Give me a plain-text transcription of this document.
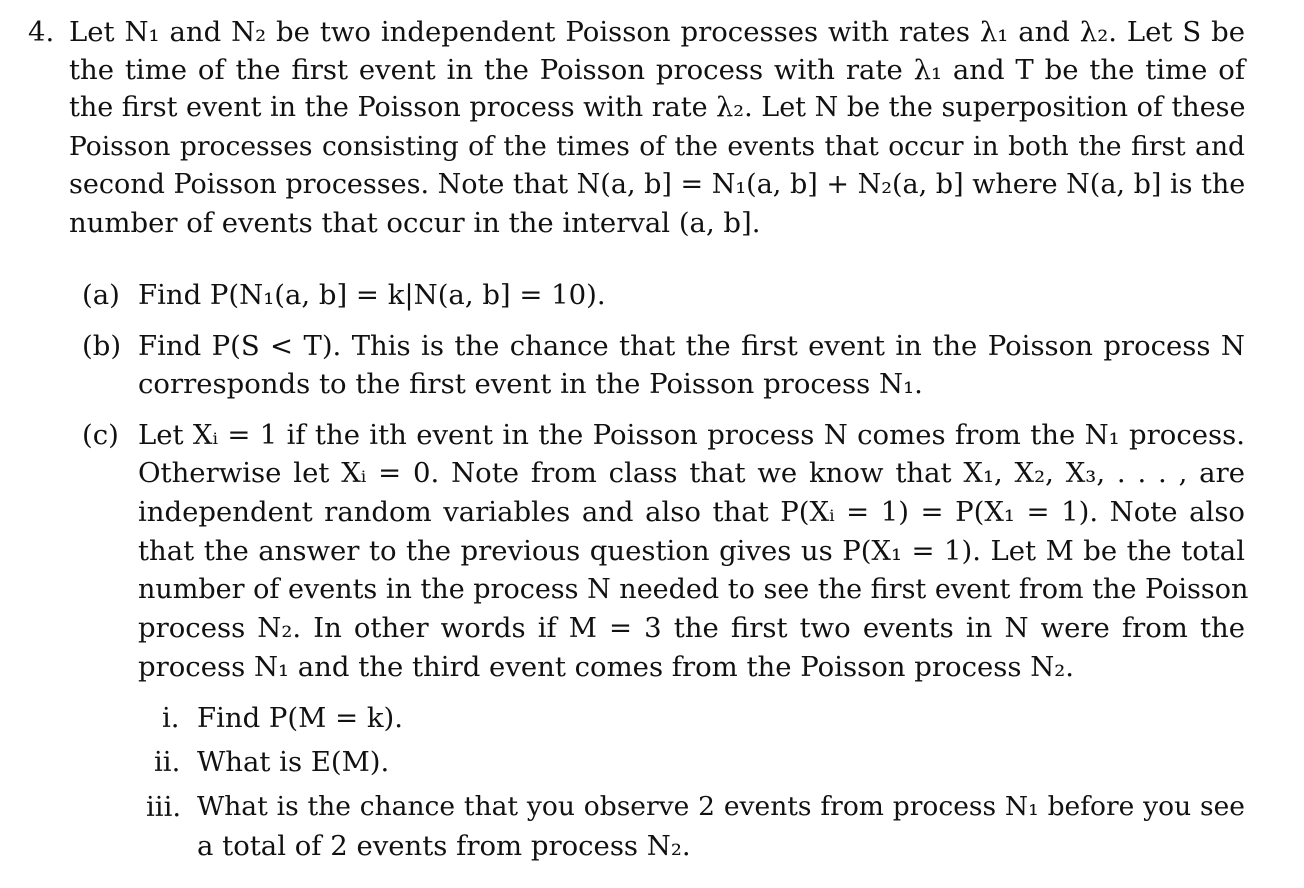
4. Let N₁ and N₂ be two independent Poisson processes with rates λ₁ and λ₂. Let S be
the time of the first event in the Poisson process with rate λ₁ and T be the time of
the first event in the Poisson process with rate λ₂. Let N be the superposition of these
Poisson processes consisting of the times of the events that occur in both the first and
second Poisson processes. Note that N(a, b] = N₁(a, b] + N₂(a, b] where N(a, b] is the
number of events that occur in the interval (a, b].
(a) Find P(N₁(a, b] = k|N(a, b] = 10).
(b) Find P(S < T). This is the chance that the first event in the Poisson process N
corresponds to the first event in the Poisson process N₁.
(c) Let Xᵢ = 1 if the ith event in the Poisson process N comes from the N₁ process.
Otherwise let Xᵢ = 0. Note from class that we know that X₁, X₂, X₃, . . . , are
independent random variables and also that P(Xᵢ = 1) = P(X₁ = 1). Note also
that the answer to the previous question gives us P(X₁ = 1). Let M be the total
number of events in the process N needed to see the first event from the Poisson
process N₂. In other words if M = 3 the first two events in N were from the
process N₁ and the third event comes from the Poisson process N₂.
i. Find P(M = k).
ii. What is E(M).
iii. What is the chance that you observe 2 events from process N₁ before you see
a total of 2 events from process N₂.
